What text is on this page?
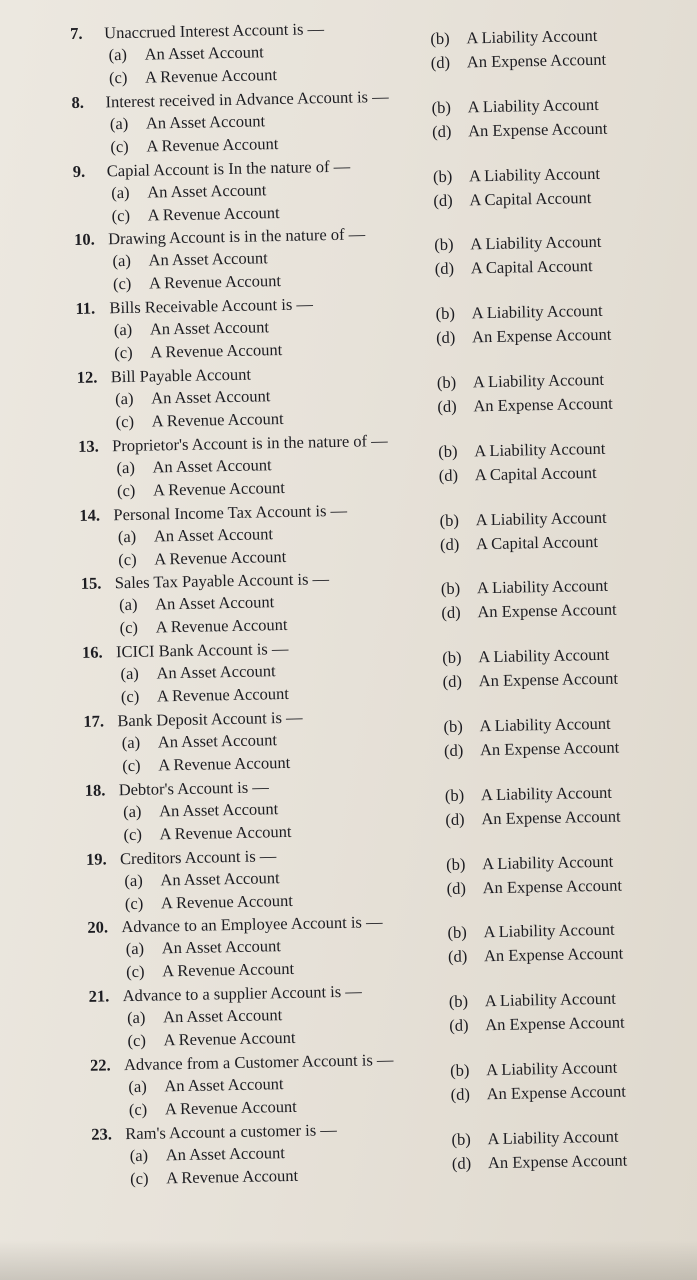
7. Unaccrued Interest Account is —
(a) An Asset Account
(c) A Revenue Account
(b) A Liability Account
(d) An Expense Account
8. Interest received in Advance Account is —
(a) An Asset Account
(c) A Revenue Account
(b) A Liability Account
(d) An Expense Account
9. Capial Account is In the nature of —
(a) An Asset Account
(c) A Revenue Account
(b) A Liability Account
(d) A Capital Account
10. Drawing Account is in the nature of —
(a) An Asset Account
(c) A Revenue Account
(b) A Liability Account
(d) A Capital Account
11. Bills Receivable Account is —
(a) An Asset Account
(c) A Revenue Account
(b) A Liability Account
(d) An Expense Account
12. Bill Payable Account
(a) An Asset Account
(c) A Revenue Account
(b) A Liability Account
(d) An Expense Account
13. Proprietor's Account is in the nature of —
(a) An Asset Account
(c) A Revenue Account
(b) A Liability Account
(d) A Capital Account
14. Personal Income Tax Account is —
(a) An Asset Account
(c) A Revenue Account
(b) A Liability Account
(d) A Capital Account
15. Sales Tax Payable Account is —
(a) An Asset Account
(c) A Revenue Account
(b) A Liability Account
(d) An Expense Account
16. ICICI Bank Account is —
(a) An Asset Account
(c) A Revenue Account
(b) A Liability Account
(d) An Expense Account
17. Bank Deposit Account is —
(a) An Asset Account
(c) A Revenue Account
(b) A Liability Account
(d) An Expense Account
18. Debtor's Account is —
(a) An Asset Account
(c) A Revenue Account
(b) A Liability Account
(d) An Expense Account
19. Creditors Account is —
(a) An Asset Account
(c) A Revenue Account
(b) A Liability Account
(d) An Expense Account
20. Advance to an Employee Account is —
(a) An Asset Account
(c) A Revenue Account
(b) A Liability Account
(d) An Expense Account
21. Advance to a supplier Account is —
(a) An Asset Account
(c) A Revenue Account
(b) A Liability Account
(d) An Expense Account
22. Advance from a Customer Account is —
(a) An Asset Account
(c) A Revenue Account
(b) A Liability Account
(d) An Expense Account
23. Ram's Account a customer is —
(a) An Asset Account
(c) A Revenue Account
(b) A Liability Account
(d) An Expense Account
